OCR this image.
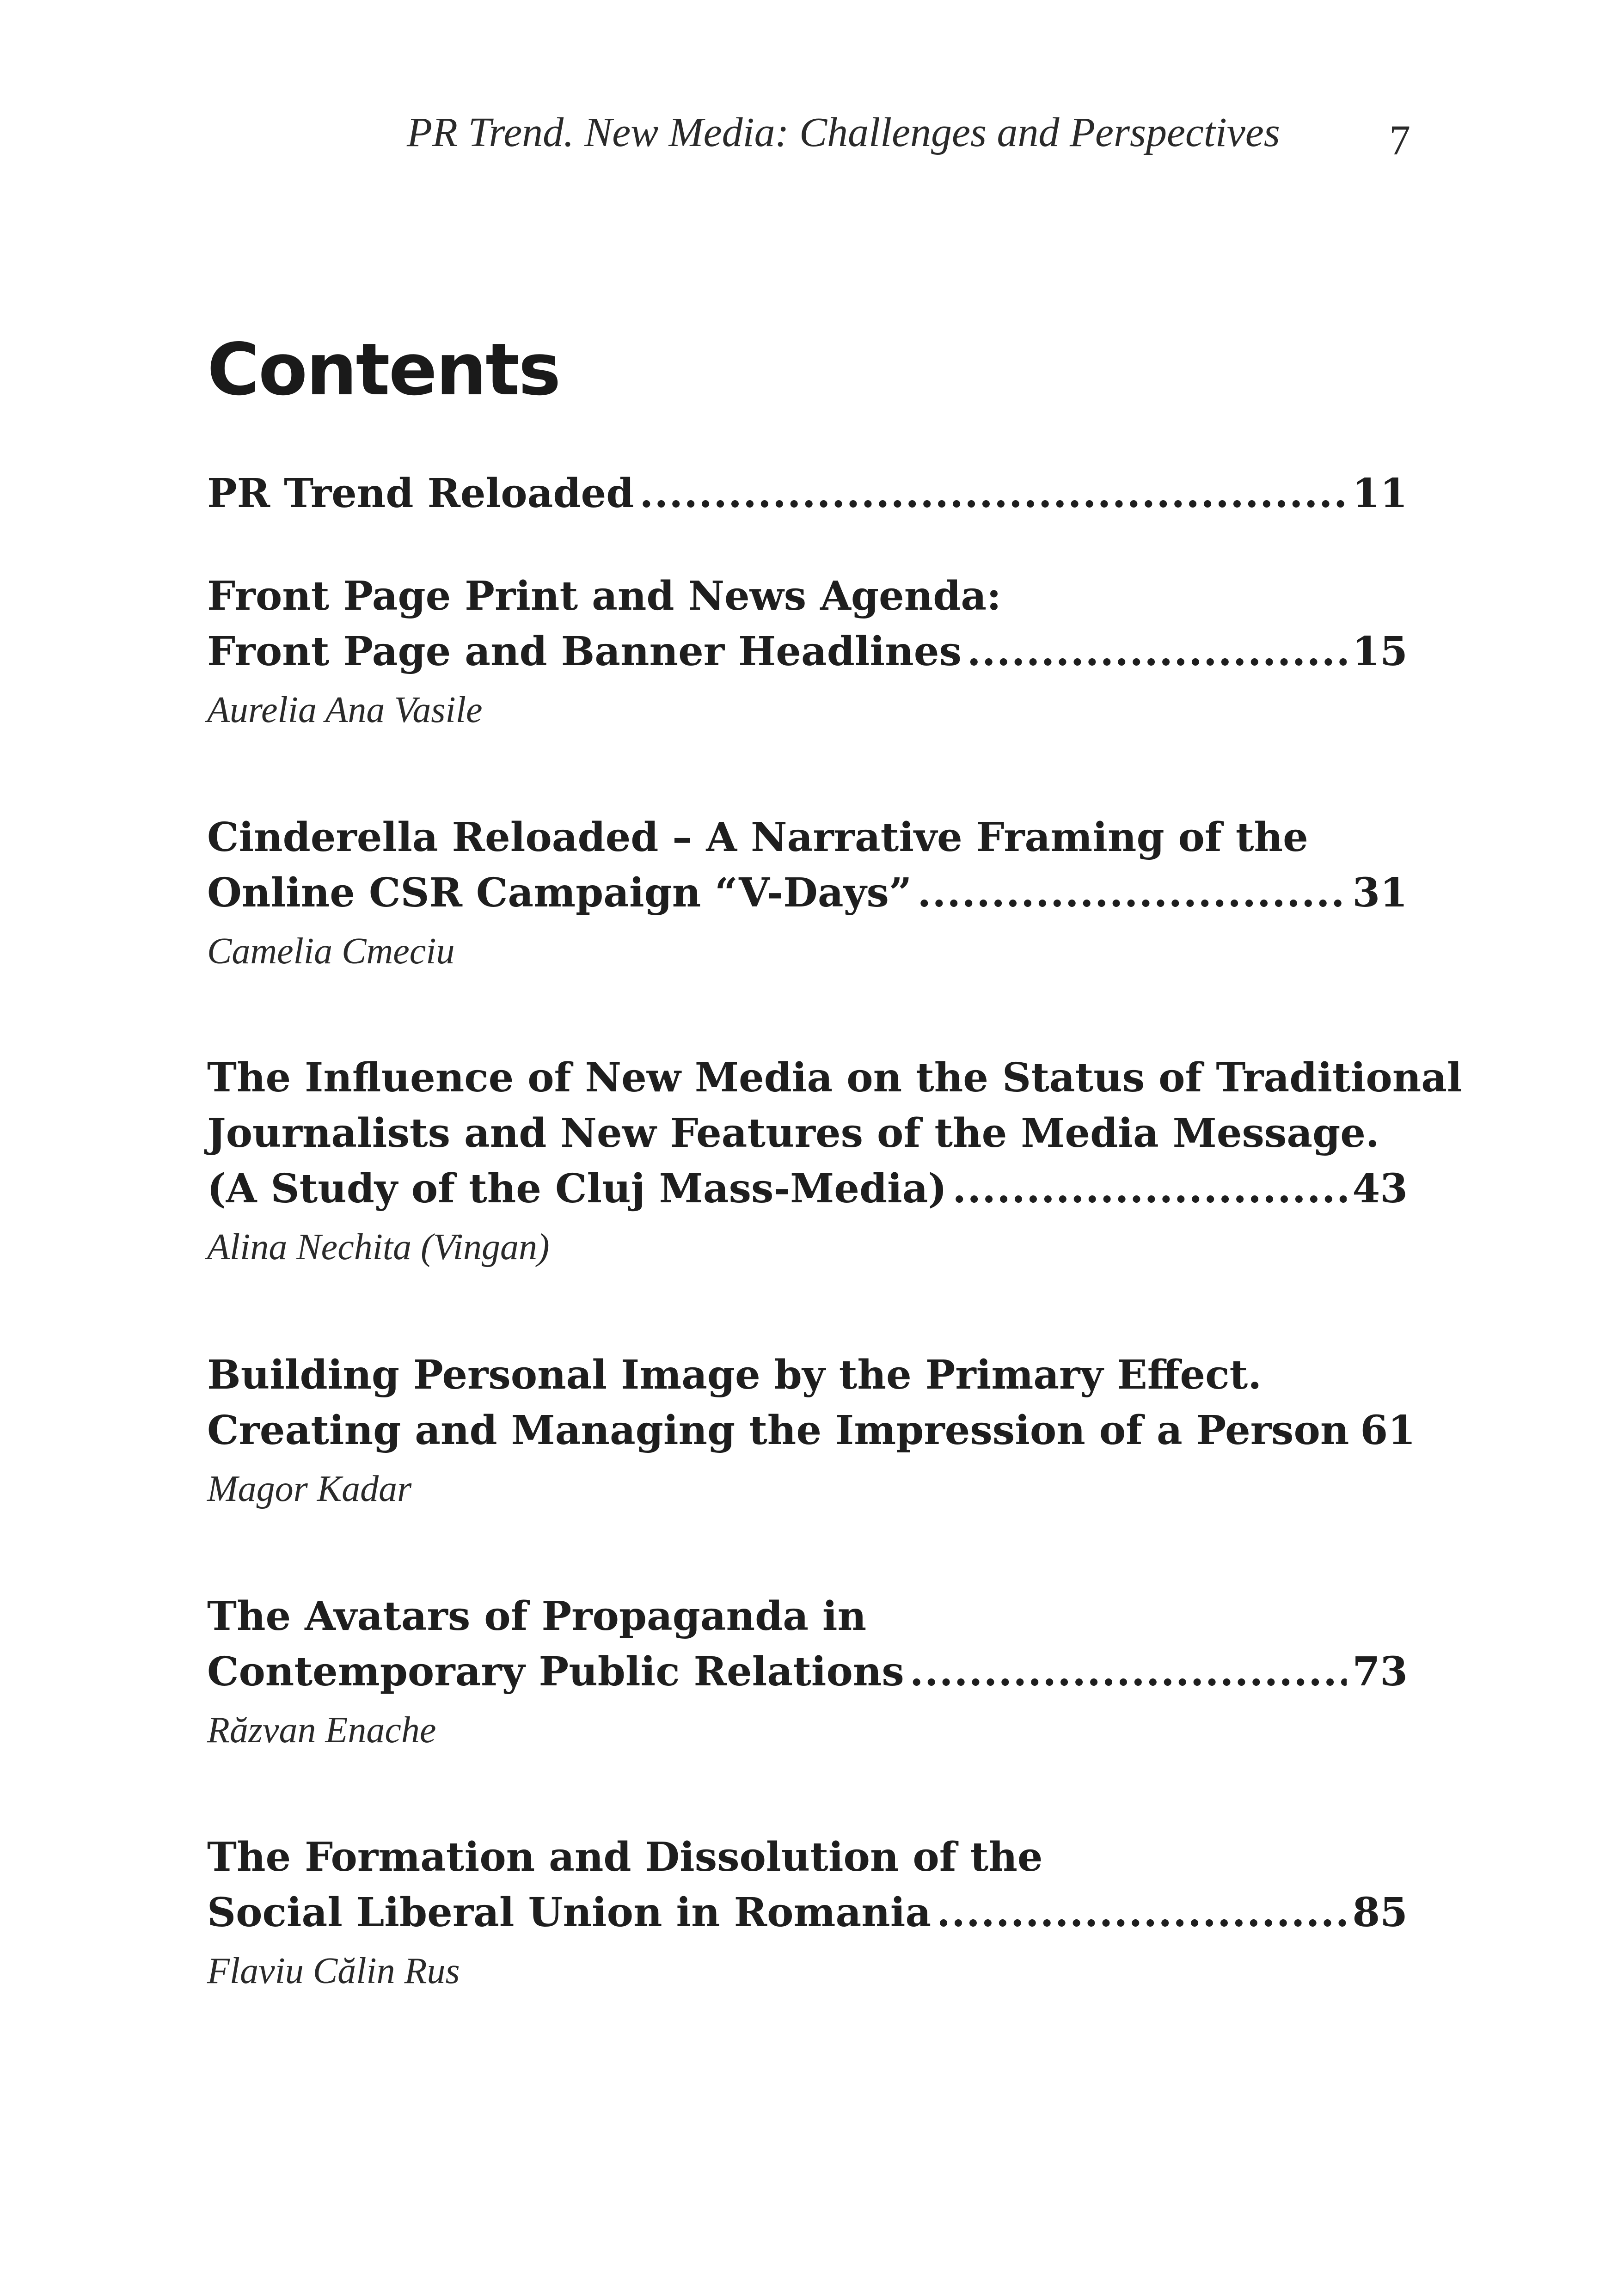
PR Trend. New Media: Challenges and Perspectives	7
Contents
PR Trend Reloaded .....	11
Front Page Print and News Agenda:
Front Page and Banner Headlines .....	15
Aurelia Ana Vasile
Cinderella Reloaded – A Narrative Framing of the
Online CSR Campaign “V-Days” .....	31
Camelia Cmeciu
The Influence of New Media on the Status of Traditional
Journalists and New Features of the Media Message.
(A Study of the Cluj Mass-Media) .....	43
Alina Nechita (Vingan)
Building Personal Image by the Primary Effect.
Creating and Managing the Impression of a Person 61
Magor Kadar
The Avatars of Propaganda in
Contemporary Public Relations .....	73
Răzvan Enache
The Formation and Dissolution of the
Social Liberal Union in Romania .....	85
Flaviu Călin Rus
